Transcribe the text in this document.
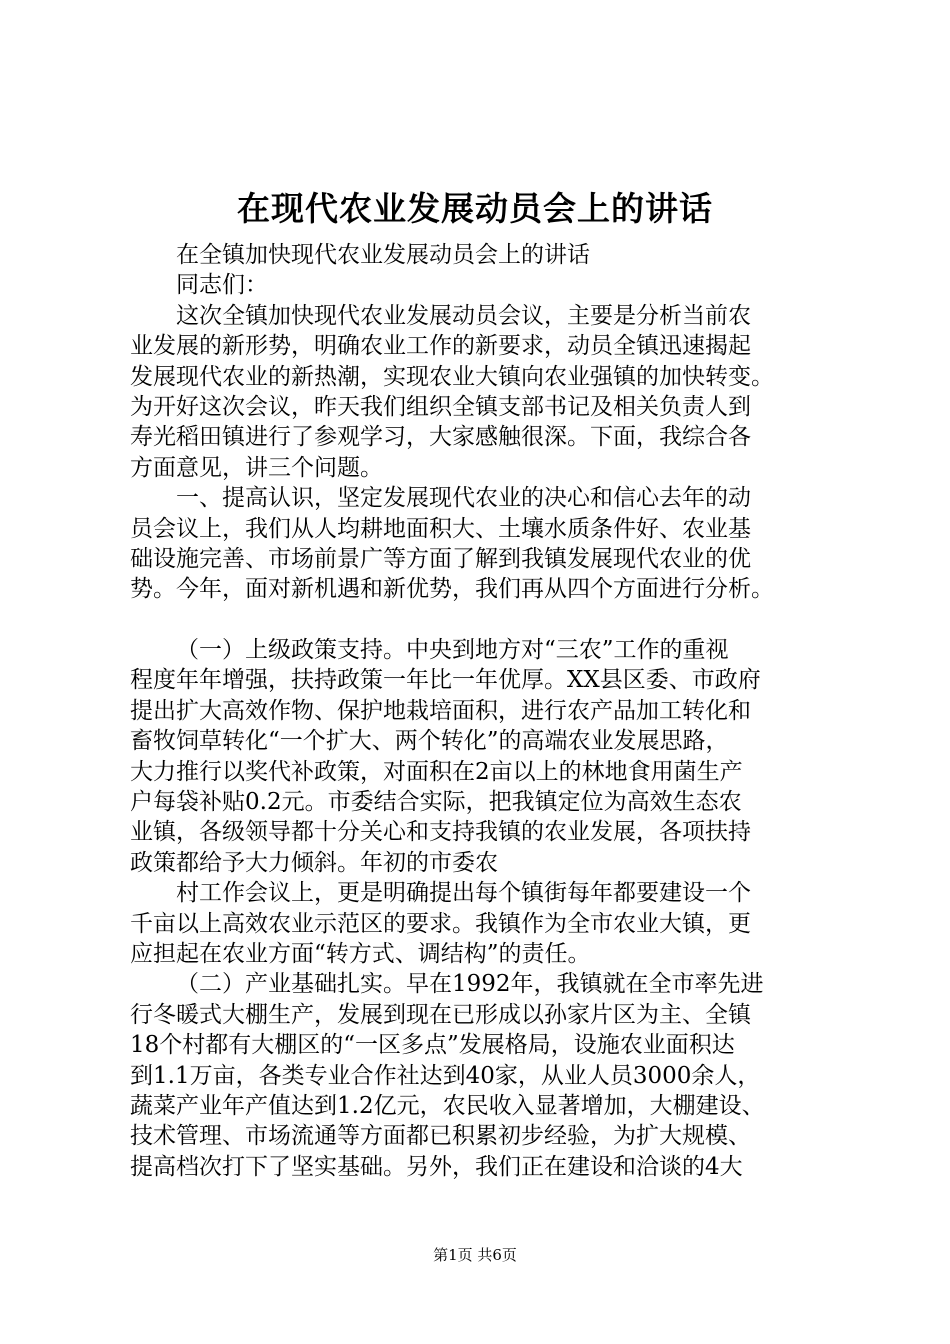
在现代农业发展动员会上的讲话
在全镇加快现代农业发展动员会上的讲话
同志们：
这次全镇加快现代农业发展动员会议，主要是分析当前农
业发展的新形势，明确农业工作的新要求，动员全镇迅速揭起
发展现代农业的新热潮，实现农业大镇向农业强镇的加快转变。
为开好这次会议，昨天我们组织全镇支部书记及相关负责人到
寿光稻田镇进行了参观学习，大家感触很深。下面，我综合各
方面意见，讲三个问题。
一、提高认识，坚定发展现代农业的决心和信心去年的动
员会议上，我们从人均耕地面积大、土壤水质条件好、农业基
础设施完善、市场前景广等方面了解到我镇发展现代农业的优
势。今年，面对新机遇和新优势，我们再从四个方面进行分析。
（一）上级政策支持。中央到地方对“三农”工作的重视
程度年年增强，扶持政策一年比一年优厚。XX县区委、市政府
提出扩大高效作物、保护地栽培面积，进行农产品加工转化和
畜牧饲草转化“一个扩大、两个转化”的高端农业发展思路，
大力推行以奖代补政策，对面积在2亩以上的林地食用菌生产
户每袋补贴0.2元。市委结合实际，把我镇定位为高效生态农
业镇，各级领导都十分关心和支持我镇的农业发展，各项扶持
政策都给予大力倾斜。年初的市委农
村工作会议上，更是明确提出每个镇街每年都要建设一个
千亩以上高效农业示范区的要求。我镇作为全市农业大镇，更
应担起在农业方面“转方式、调结构”的责任。
（二）产业基础扎实。早在1992年，我镇就在全市率先进
行冬暖式大棚生产，发展到现在已形成以孙家片区为主、全镇
18个村都有大棚区的“一区多点”发展格局，设施农业面积达
到1.1万亩，各类专业合作社达到40家，从业人员3000余人，
蔬菜产业年产值达到1.2亿元，农民收入显著增加，大棚建设、
技术管理、市场流通等方面都已积累初步经验，为扩大规模、
提高档次打下了坚实基础。另外，我们正在建设和洽谈的4大
第1页 共6页
